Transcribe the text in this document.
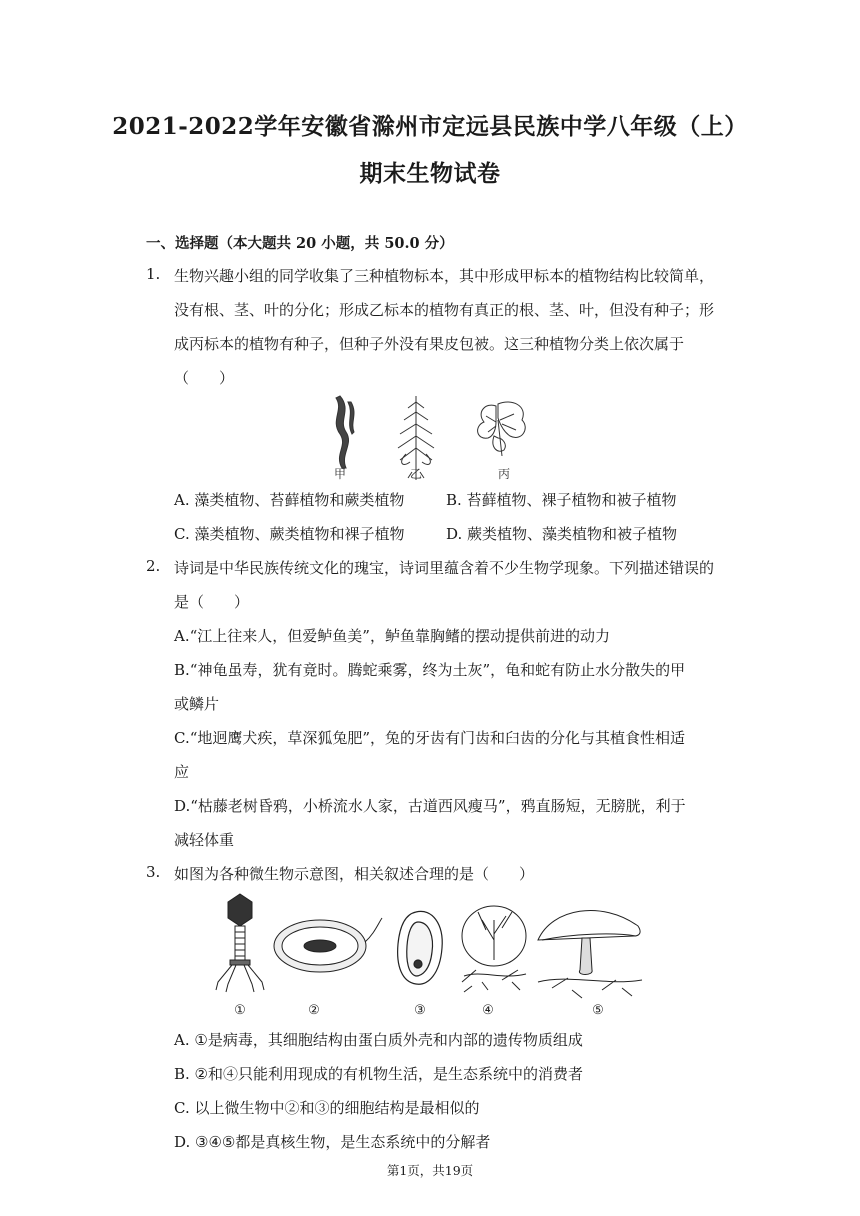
2021-2022学年安徽省滁州市定远县民族中学八年级（上）
期末生物试卷
一、选择题（本大题共 20 小题，共 50.0 分）
1. 生物兴趣小组的同学收集了三种植物标本，其中形成甲标本的植物结构比较简单，
没有根、茎、叶的分化；形成乙标本的植物有真正的根、茎、叶，但没有种子；形
成丙标本的植物有种子，但种子外没有果皮包被。这三种植物分类上依次属于
（　　）
甲	乙	丙
A. 藻类植物、苔藓植物和蕨类植物	B. 苔藓植物、裸子植物和被子植物
C. 藻类植物、蕨类植物和裸子植物	D. 蕨类植物、藻类植物和被子植物
2. 诗词是中华民族传统文化的瑰宝，诗词里蕴含着不少生物学现象。下列描述错误的
是（　　）
A.“江上往来人，但爱鲈鱼美”，鲈鱼靠胸鳍的摆动提供前进的动力
B.“神龟虽寿，犹有竟时。腾蛇乘雾，终为土灰”，龟和蛇有防止水分散失的甲
或鳞片
C.“地迥鹰犬疾，草深狐兔肥”，兔的牙齿有门齿和臼齿的分化与其植食性相适
应
D.“枯藤老树昏鸦，小桥流水人家，古道西风瘦马”，鸦直肠短，无膀胱，利于
减轻体重
3. 如图为各种微生物示意图，相关叙述合理的是（　　）
①	②	③	④	⑤
A. ①是病毒，其细胞结构由蛋白质外壳和内部的遗传物质组成
B. ②和④只能利用现成的有机物生活，是生态系统中的消费者
C. 以上微生物中②和③的细胞结构是最相似的
D. ③④⑤都是真核生物，是生态系统中的分解者
第1页，共19页
